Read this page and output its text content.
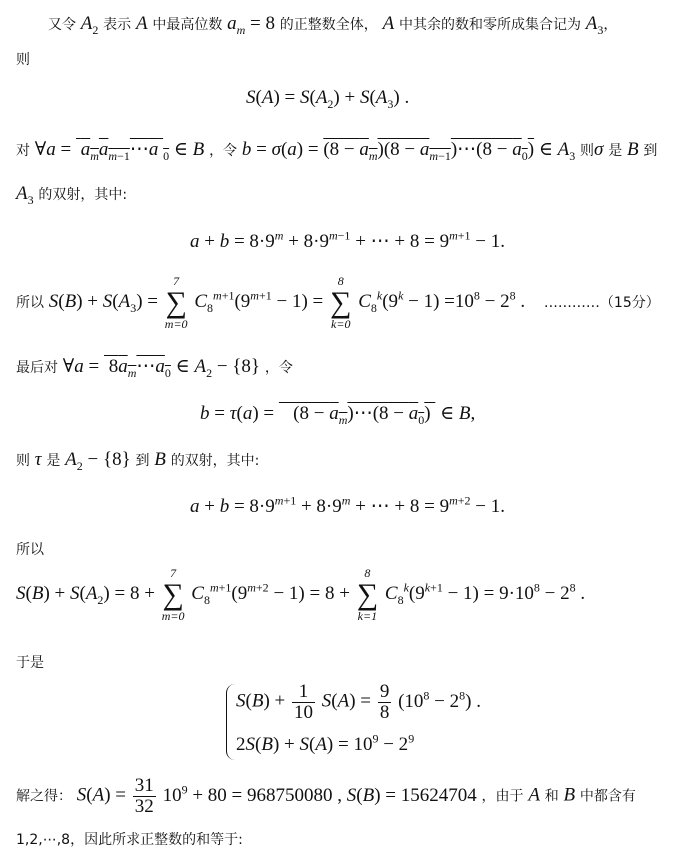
又令 $A_2$ 表示 A 中最高位数 $a_m = 8$ 的正整数全体， A 中其余的数和零所成集合记为 $A_3$，
则
$S(A) = S(A_2) + S(A_3)$ .
对 ∀a =  $a_ma_{m-1}\cdots a$ $_0$ ∈ B ，令 $b = \sigma(a) = (8 - a_m)(8$ − $a_{m-1})\cdots(8 - a_0)$ ∈ $A_3$ 则σ 是 B 到
$A_3$ 的双射，其中:
$a + b = 8\cdot 9^m + 8\cdot 9^{m-1}$ + ⋯ + $8 = 9^{m+1} - 1$.
所以 $S(B) + S(A_3)$ =
7
∑
m=0
$C_8^{m+1}(9^{m+1} - 1)$ =
8
∑
k=0
$C_8^k(9^k - 1) =10^8 - 2^8$ . …………（15分）
最后对 ∀a =  $8a_m\cdots a_0$ ∈ $A_2 - \{8\}$ ，令
b = τ(a) =    $(8 - a_m)\cdots(8 - a_0)$  ∈ B,
则 τ 是 $A_2 - \{8\}$ 到 B 的双射，其中:
$a + b = 8\cdot 9^{m+1} + 8\cdot 9^m$ + ⋯ + $8 = 9^{m+2} - 1$.
所以
$S(B) + S(A_2) = 8$ +
7
∑
m=0
$C_8^{m+1}(9^{m+2} - 1) = 8$ +
8
∑
k=1
$C_8^k(9^{k+1} - 1) = 9\cdot 10^8 - 2^8$ .
于是
$S(B) + \frac{1}{10} S(A) = \frac{9}{8} (10^8 - 2^8)$ .
$2S(B) + S(A) = 10^9 - 2^9$
解之得： $S(A) = \frac{31}{32} 10^9 + 80 = 968750080$ , S(B) = 15624704 ，由于 A 和 B 中都含有
1,2,⋯,8，因此所求正整数的和等于:
